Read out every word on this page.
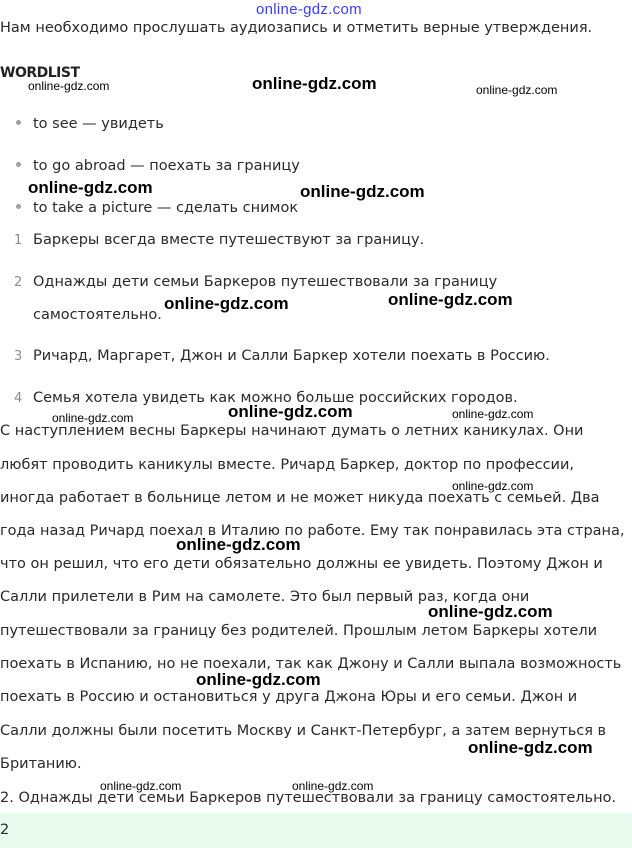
online-gdz.com
Нам необходимо прослушать аудиозапись и отметить верные утверждения.
WORDLIST
to see — увидеть
to go abroad — поехать за границу
to take a picture — сделать снимок
1 Баркеры всегда вместе путешествуют за границу.
2 Однажды дети семьи Баркеров путешествовали за границу
самостоятельно.
3 Ричард, Маргарет, Джон и Салли Баркер хотели поехать в Россию.
4 Семья хотела увидеть как можно больше российских городов.
С наступлением весны Баркеры начинают думать о летних каникулах. Они
любят проводить каникулы вместе. Ричард Баркер, доктор по профессии,
иногда работает в больнице летом и не может никуда поехать с семьей. Два
года назад Ричард поехал в Италию по работе. Ему так понравилась эта страна,
что он решил, что его дети обязательно должны ее увидеть. Поэтому Джон и
Салли прилетели в Рим на самолете. Это был первый раз, когда они
путешествовали за границу без родителей. Прошлым летом Баркеры хотели
поехать в Испанию, но не поехали, так как Джону и Салли выпала возможность
поехать в Россию и остановиться у друга Джона Юры и его семьи. Джон и
Салли должны были посетить Москву и Санкт-Петербург, а затем вернуться в
Британию.
2. Однажды дети семьи Баркеров путешествовали за границу самостоятельно.
2
online-gdz.com	online-gdz.com	online-gdz.com
online-gdz.com	online-gdz.com
online-gdz.com	online-gdz.com
online-gdz.com	online-gdz.com	online-gdz.com
online-gdz.com
online-gdz.com
online-gdz.com
online-gdz.com
online-gdz.com
online-gdz.com	online-gdz.com
